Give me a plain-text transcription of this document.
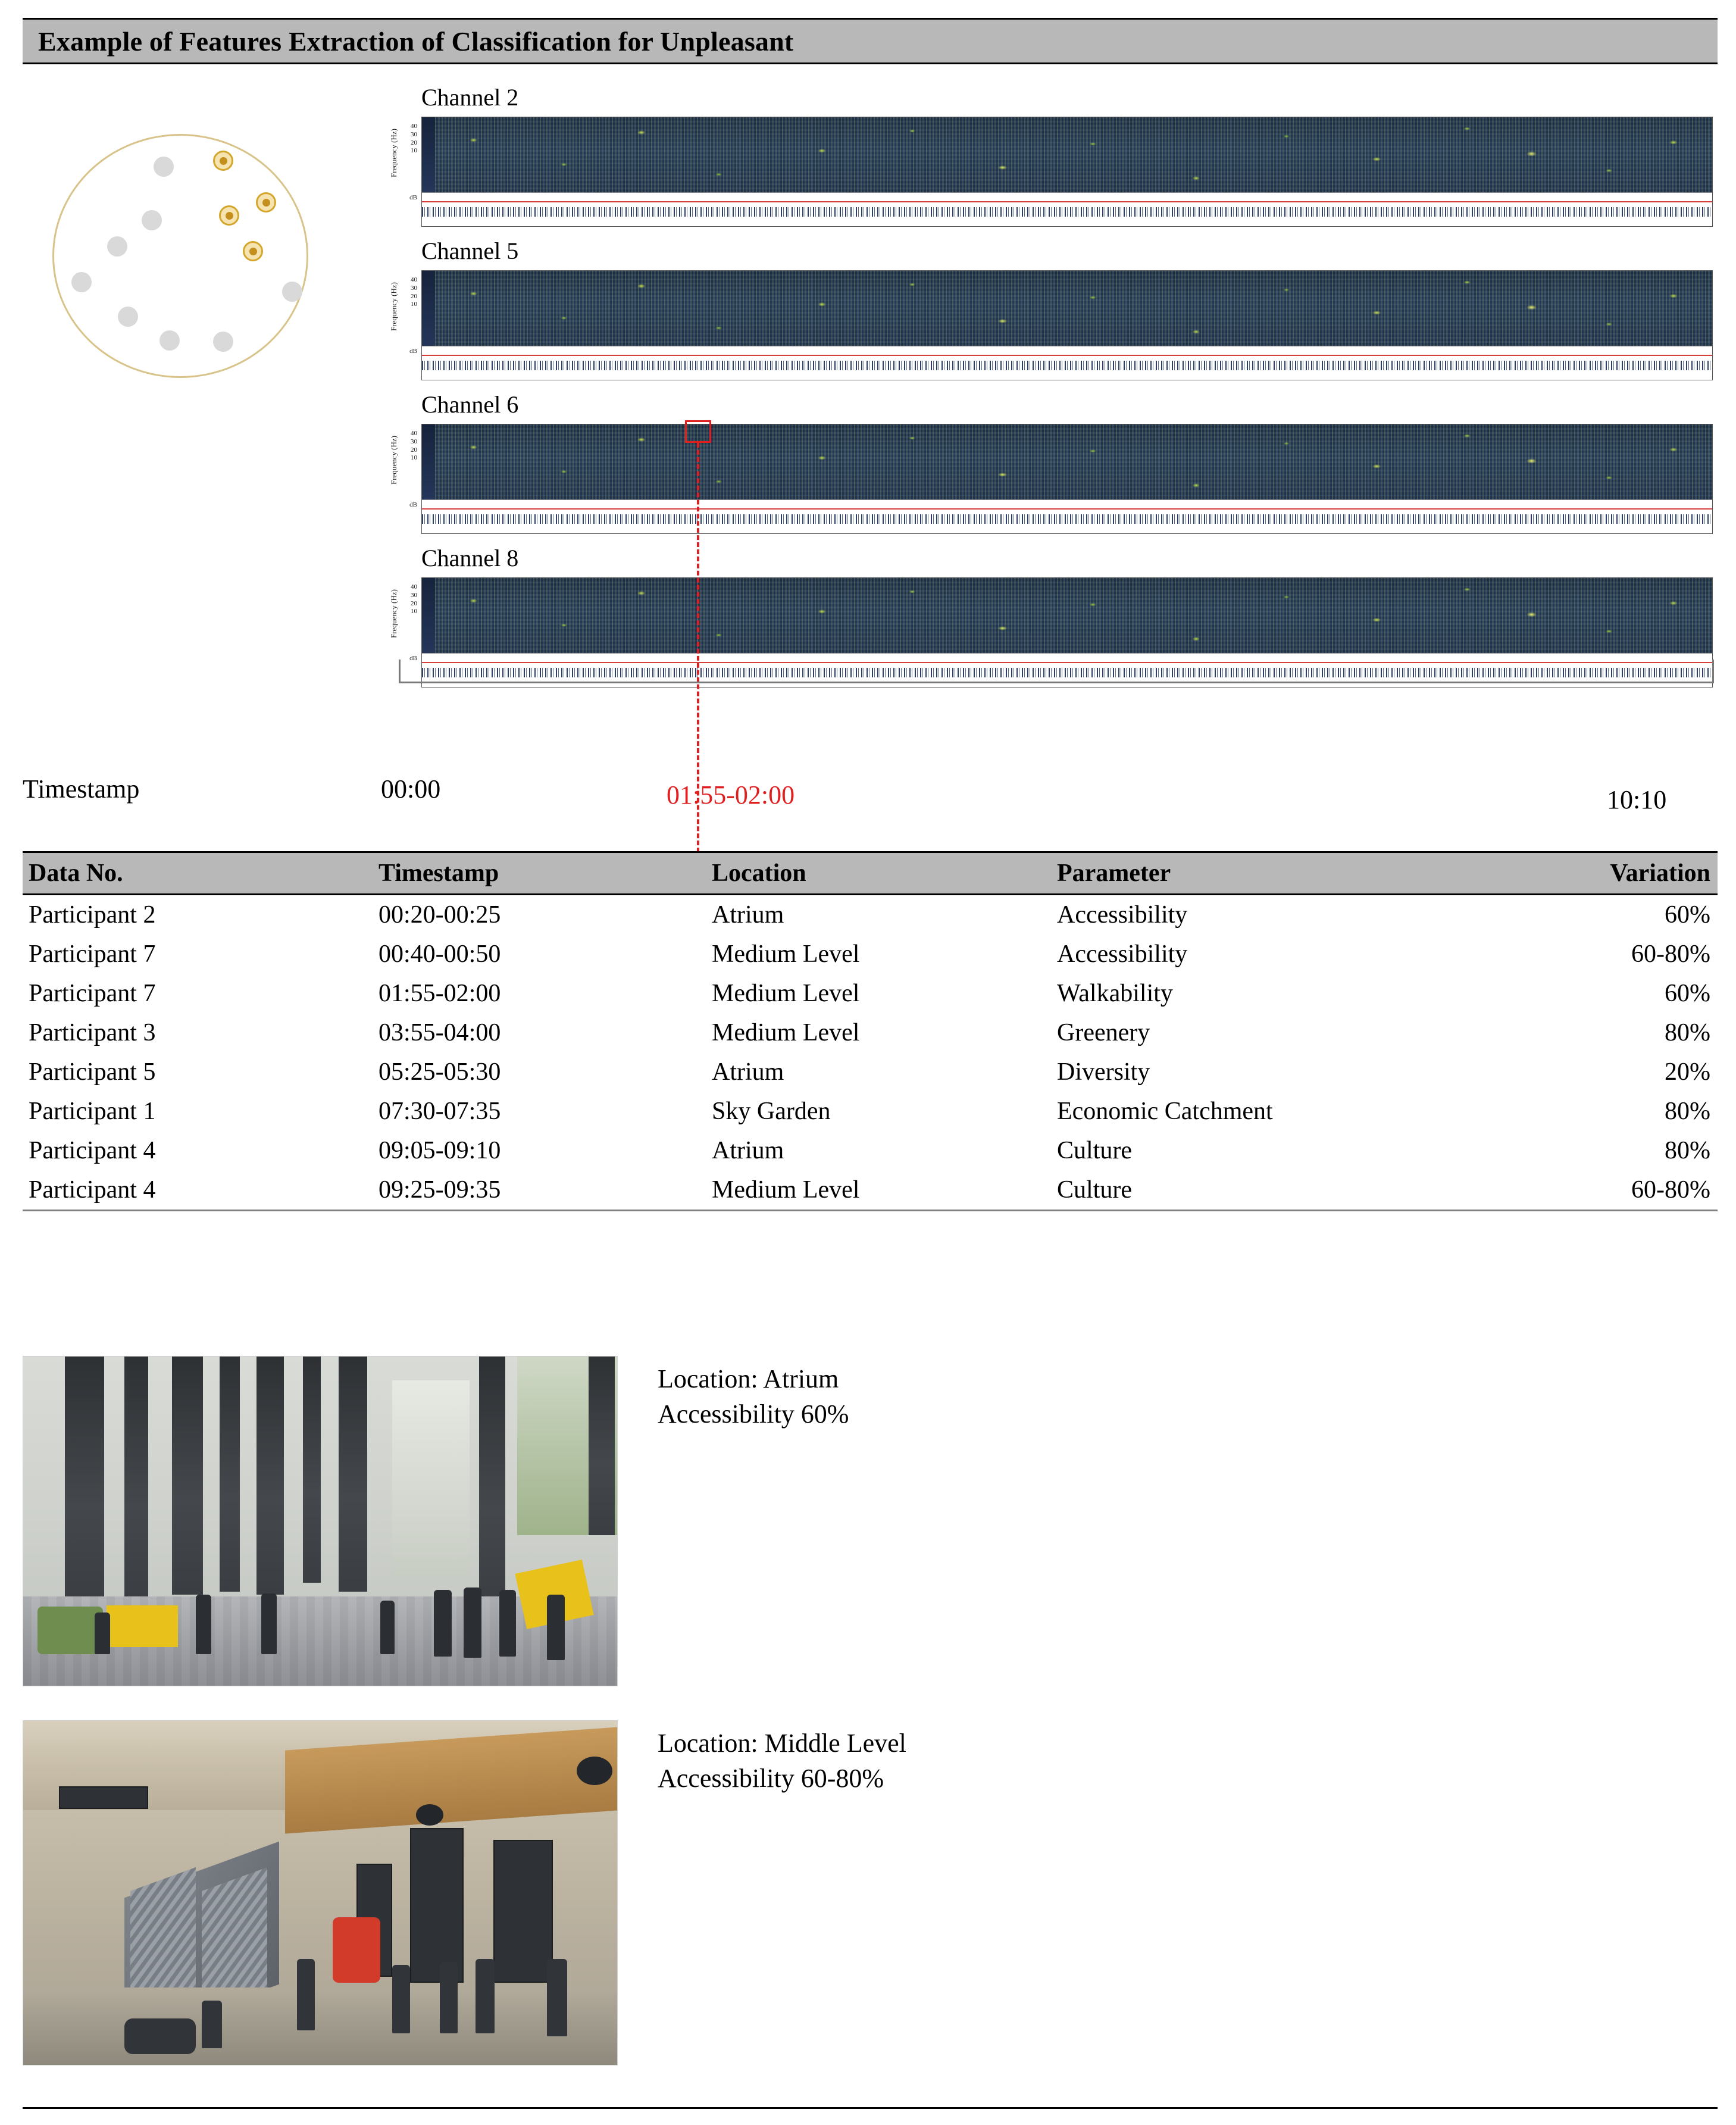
Example of Features Extraction of Classification for Unpleasant
Channel 2
Frequency (Hz)
40
30
20
10
dB
Channel 5
Frequency (Hz)
40
30
20
10
dB
Channel 6
Frequency (Hz)
40
30
20
10
dB
Channel 8
Frequency (Hz)
40
30
20
10
dB
Timestamp	00:00	01:55-02:00	10:10
Data No.	Timestamp	Location	Parameter	Variation
Participant 2	00:20-00:25	Atrium	Accessibility	60%
Participant 7	00:40-00:50	Medium Level	Accessibility	60-80%
Participant 7	01:55-02:00	Medium Level	Walkability	60%
Participant 3	03:55-04:00	Medium Level	Greenery	80%
Participant 5	05:25-05:30	Atrium	Diversity	20%
Participant 1	07:30-07:35	Sky Garden	Economic Catchment	80%
Participant 4	09:05-09:10	Atrium	Culture	80%
Participant 4	09:25-09:35	Medium Level	Culture	60-80%
Location: Atrium
Accessibility 60%
Location: Middle Level
Accessibility 60-80%
